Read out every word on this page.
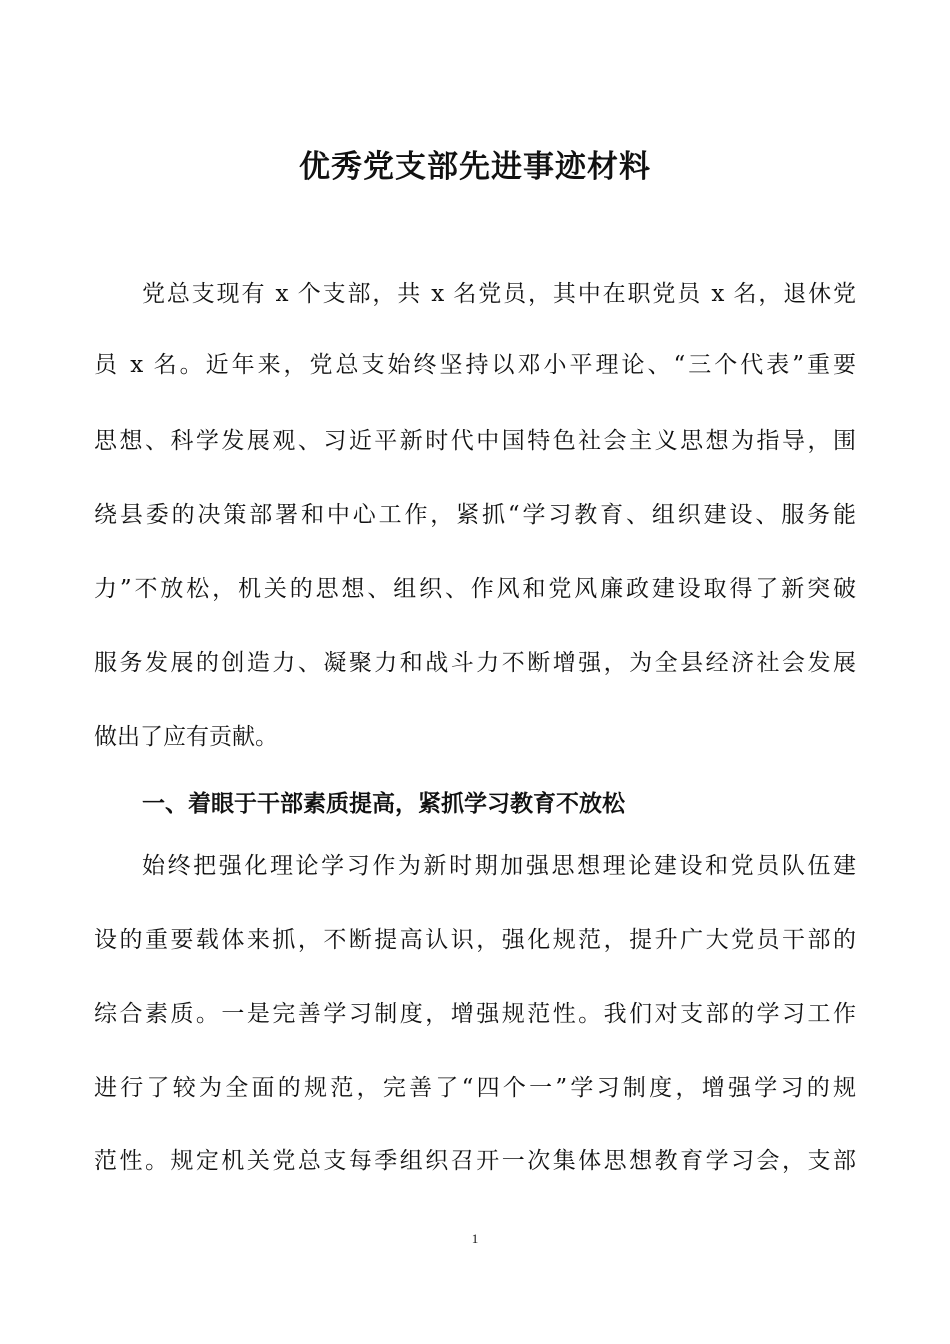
优秀党支部先进事迹材料

党总支现有 x 个支部，共 x 名党员，其中在职党员 x 名，退休党

员 x 名。近年来，党总支始终坚持以邓小平理论、“三个代表”重要

思想、科学发展观、习近平新时代中国特色社会主义思想为指导，围

绕县委的决策部署和中心工作，紧抓“学习教育、组织建设、服务能

力”不放松，机关的思想、组织、作风和党风廉政建设取得了新突破

服务发展的创造力、凝聚力和战斗力不断增强，为全县经济社会发展

做出了应有贡献。

一、着眼于干部素质提高，紧抓学习教育不放松

始终把强化理论学习作为新时期加强思想理论建设和党员队伍建

设的重要载体来抓，不断提高认识，强化规范，提升广大党员干部的

综合素质。一是完善学习制度，增强规范性。我们对支部的学习工作

进行了较为全面的规范，完善了“四个一”学习制度，增强学习的规

范性。规定机关党总支每季组织召开一次集体思想教育学习会，支部

1
